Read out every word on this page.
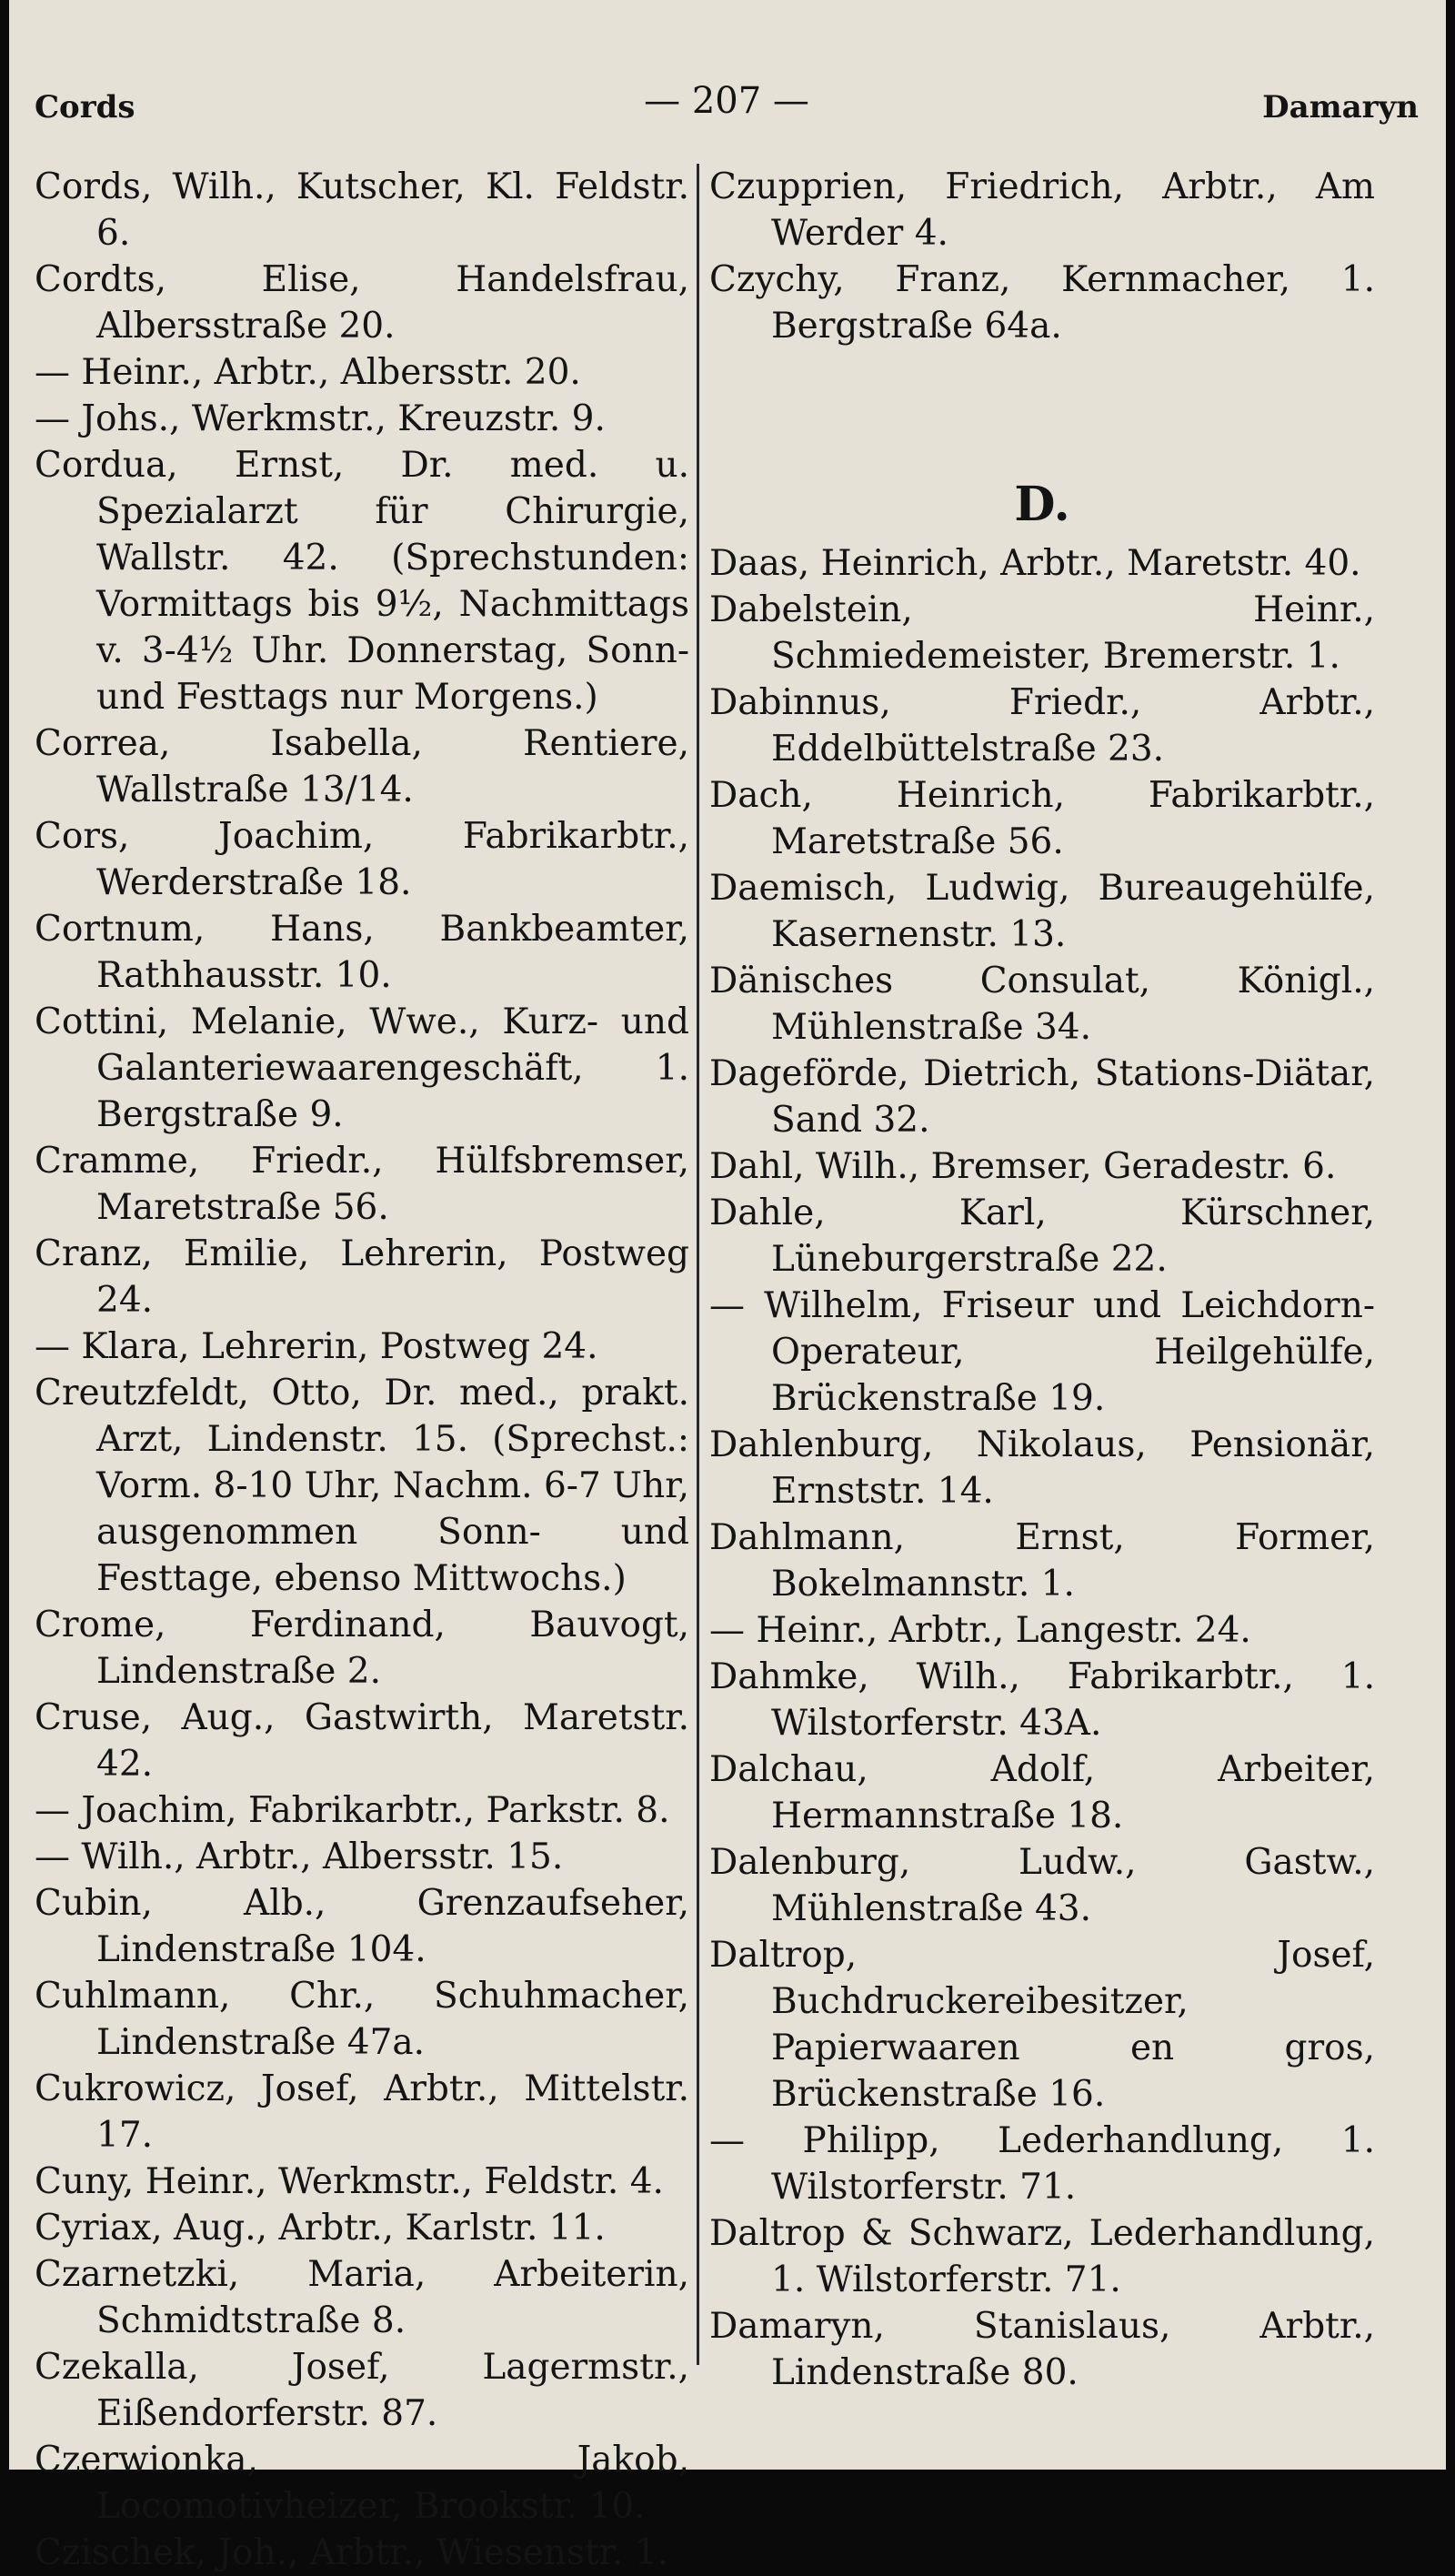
Cords	— 207 —	Damaryn

Cords, Wilh., Kutscher, Kl. Feldstr. 6.

Cordts, Elise, Handelsfrau, Albersstraße 20.

— Heinr., Arbtr., Albersstr. 20.

— Johs., Werkmstr., Kreuzstr. 9.

Cordua, Ernst, Dr. med. u. Spezialarzt für Chirurgie, Wallstr. 42. (Sprechstunden: Vormittags bis 9½, Nachmittags v. 3-4½ Uhr. Donnerstag, Sonn- und Festtags nur Morgens.)

Correa, Isabella, Rentiere, Wallstraße 13/14.

Cors, Joachim, Fabrikarbtr., Werderstraße 18.

Cortnum, Hans, Bankbeamter, Rathhausstr. 10.

Cottini, Melanie, Wwe., Kurz- und Galanteriewaarengeschäft, 1. Bergstraße 9.

Cramme, Friedr., Hülfsbremser, Maretstraße 56.

Cranz, Emilie, Lehrerin, Postweg 24.

— Klara, Lehrerin, Postweg 24.

Creutzfeldt, Otto, Dr. med., prakt. Arzt, Lindenstr. 15. (Sprechst.: Vorm. 8-10 Uhr, Nachm. 6-7 Uhr, ausgenommen Sonn- und Festtage, ebenso Mittwochs.)

Crome, Ferdinand, Bauvogt, Lindenstraße 2.

Cruse, Aug., Gastwirth, Maretstr. 42.

— Joachim, Fabrikarbtr., Parkstr. 8.

— Wilh., Arbtr., Albersstr. 15.

Cubin, Alb., Grenzaufseher, Lindenstraße 104.

Cuhlmann, Chr., Schuhmacher, Lindenstraße 47a.

Cukrowicz, Josef, Arbtr., Mittelstr. 17.

Cuny, Heinr., Werkmstr., Feldstr. 4.

Cyriax, Aug., Arbtr., Karlstr. 11.

Czarnetzki, Maria, Arbeiterin, Schmidtstraße 8.

Czekalla, Josef, Lagermstr., Eißendorferstr. 87.

Czerwionka, Jakob, Locomotivheizer, Brookstr. 10.

Czischek, Joh., Arbtr., Wiesenstr. 1.

Czupprien, Friedrich, Arbtr., Am Werder 4.

Czychy, Franz, Kernmacher, 1. Bergstraße 64a.

D.

Daas, Heinrich, Arbtr., Maretstr. 40.

Dabelstein, Heinr., Schmiedemeister, Bremerstr. 1.

Dabinnus, Friedr., Arbtr., Eddelbüttelstraße 23.

Dach, Heinrich, Fabrikarbtr., Maretstraße 56.

Daemisch, Ludwig, Bureaugehülfe, Kasernenstr. 13.

Dänisches Consulat, Königl., Mühlenstraße 34.

Dageförde, Dietrich, Stations-Diätar, Sand 32.

Dahl, Wilh., Bremser, Geradestr. 6.

Dahle, Karl, Kürschner, Lüneburgerstraße 22.

— Wilhelm, Friseur und Leichdorn-Operateur, Heilgehülfe, Brückenstraße 19.

Dahlenburg, Nikolaus, Pensionär, Ernststr. 14.

Dahlmann, Ernst, Former, Bokelmannstr. 1.

— Heinr., Arbtr., Langestr. 24.

Dahmke, Wilh., Fabrikarbtr., 1. Wilstorferstr. 43A.

Dalchau, Adolf, Arbeiter, Hermannstraße 18.

Dalenburg, Ludw., Gastw., Mühlenstraße 43.

Daltrop, Josef, Buchdruckereibesitzer, Papierwaaren en gros, Brückenstraße 16.

— Philipp, Lederhandlung, 1. Wilstorferstr. 71.

Daltrop & Schwarz, Lederhandlung, 1. Wilstorferstr. 71.

Damaryn, Stanislaus, Arbtr., Lindenstraße 80.
